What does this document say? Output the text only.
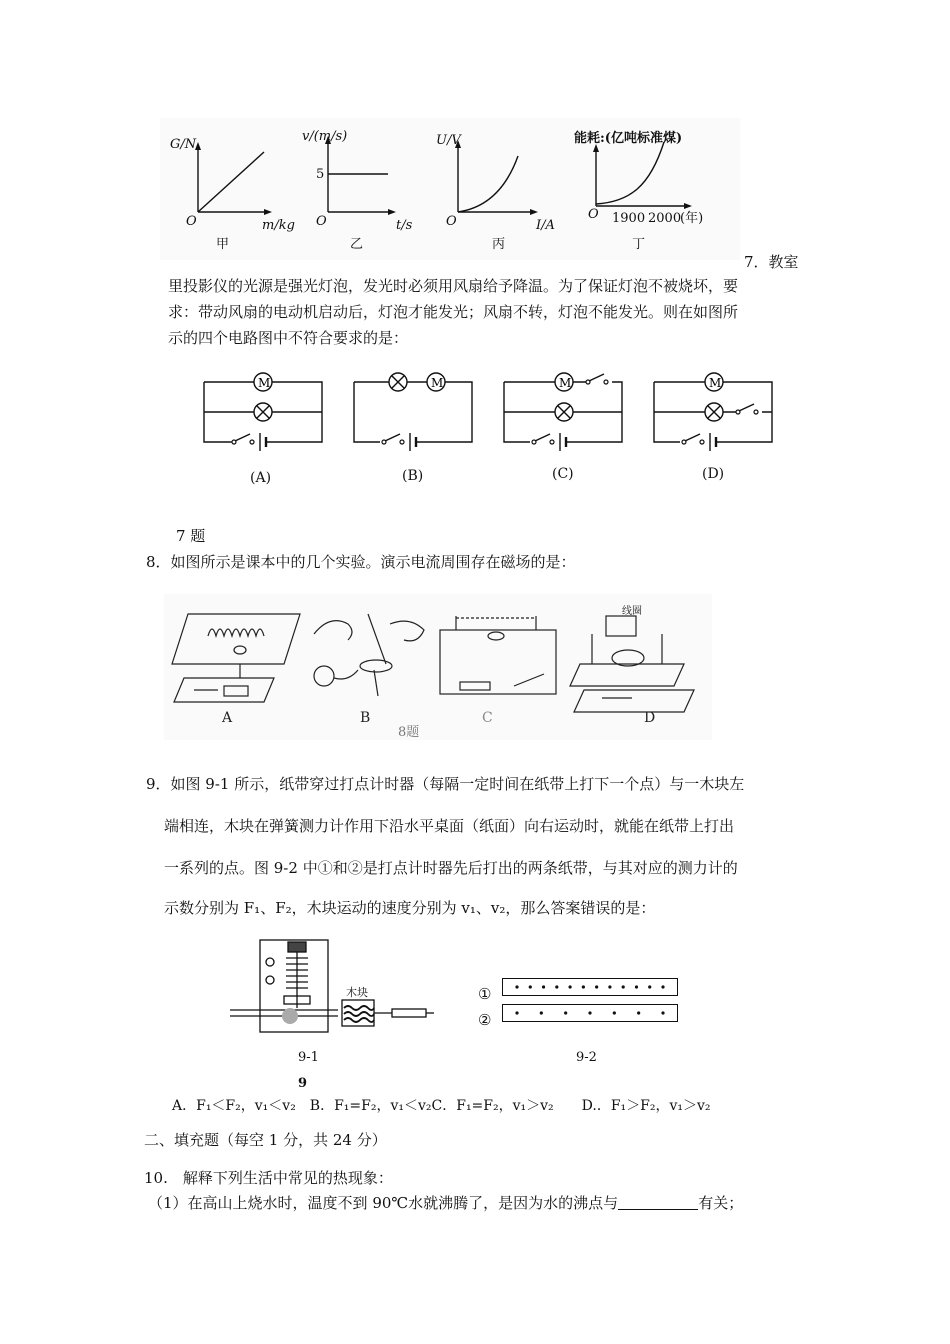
G/N
O	m/kg
甲
v/(m/s)
5
O	t/s
乙
U/V
O	I/A
丙
能耗:(亿吨标准煤)
O 1900 2000
(年)
丁
7．教室
里投影仪的光源是强光灯泡，发光时必须用风扇给予降温。为了保证灯泡不被烧坏，要
求：带动风扇的电动机启动后，灯泡才能发光；风扇不转，灯泡不能发光。则在如图所
示的四个电路图中不符合要求的是：
M	M	M	M
(A)	(B)	(C)	(D)
7 题
8．如图所示是课本中的几个实验。演示电流周围存在磁场的是：
A	B	C	D
8题
线圈
9．如图 9-1 所示，纸带穿过打点计时器（每隔一定时间在纸带上打下一个点）与一木块左
端相连，木块在弹簧测力计作用下沿水平桌面（纸面）向右运动时，就能在纸带上打出
一系列的点。图 9-2 中①和②是打点计时器先后打出的两条纸带，与其对应的测力计的
示数分别为 F₁、F₂，木块运动的速度分别为 v₁、v₂，那么答案错误的是：
木块
9-1
9
①
②
9-2
A．F₁＜F₂，v₁＜v₂　B．F₁=F₂，v₁＜v₂C．F₁=F₂，v₁＞v₂　　D.．F₁＞F₂，v₁＞v₂
二、填充题（每空 1 分，共 24 分）
10.　解释下列生活中常见的热现象：
（1）在高山上烧水时，温度不到 90℃水就沸腾了，是因为水的沸点与	有关；
